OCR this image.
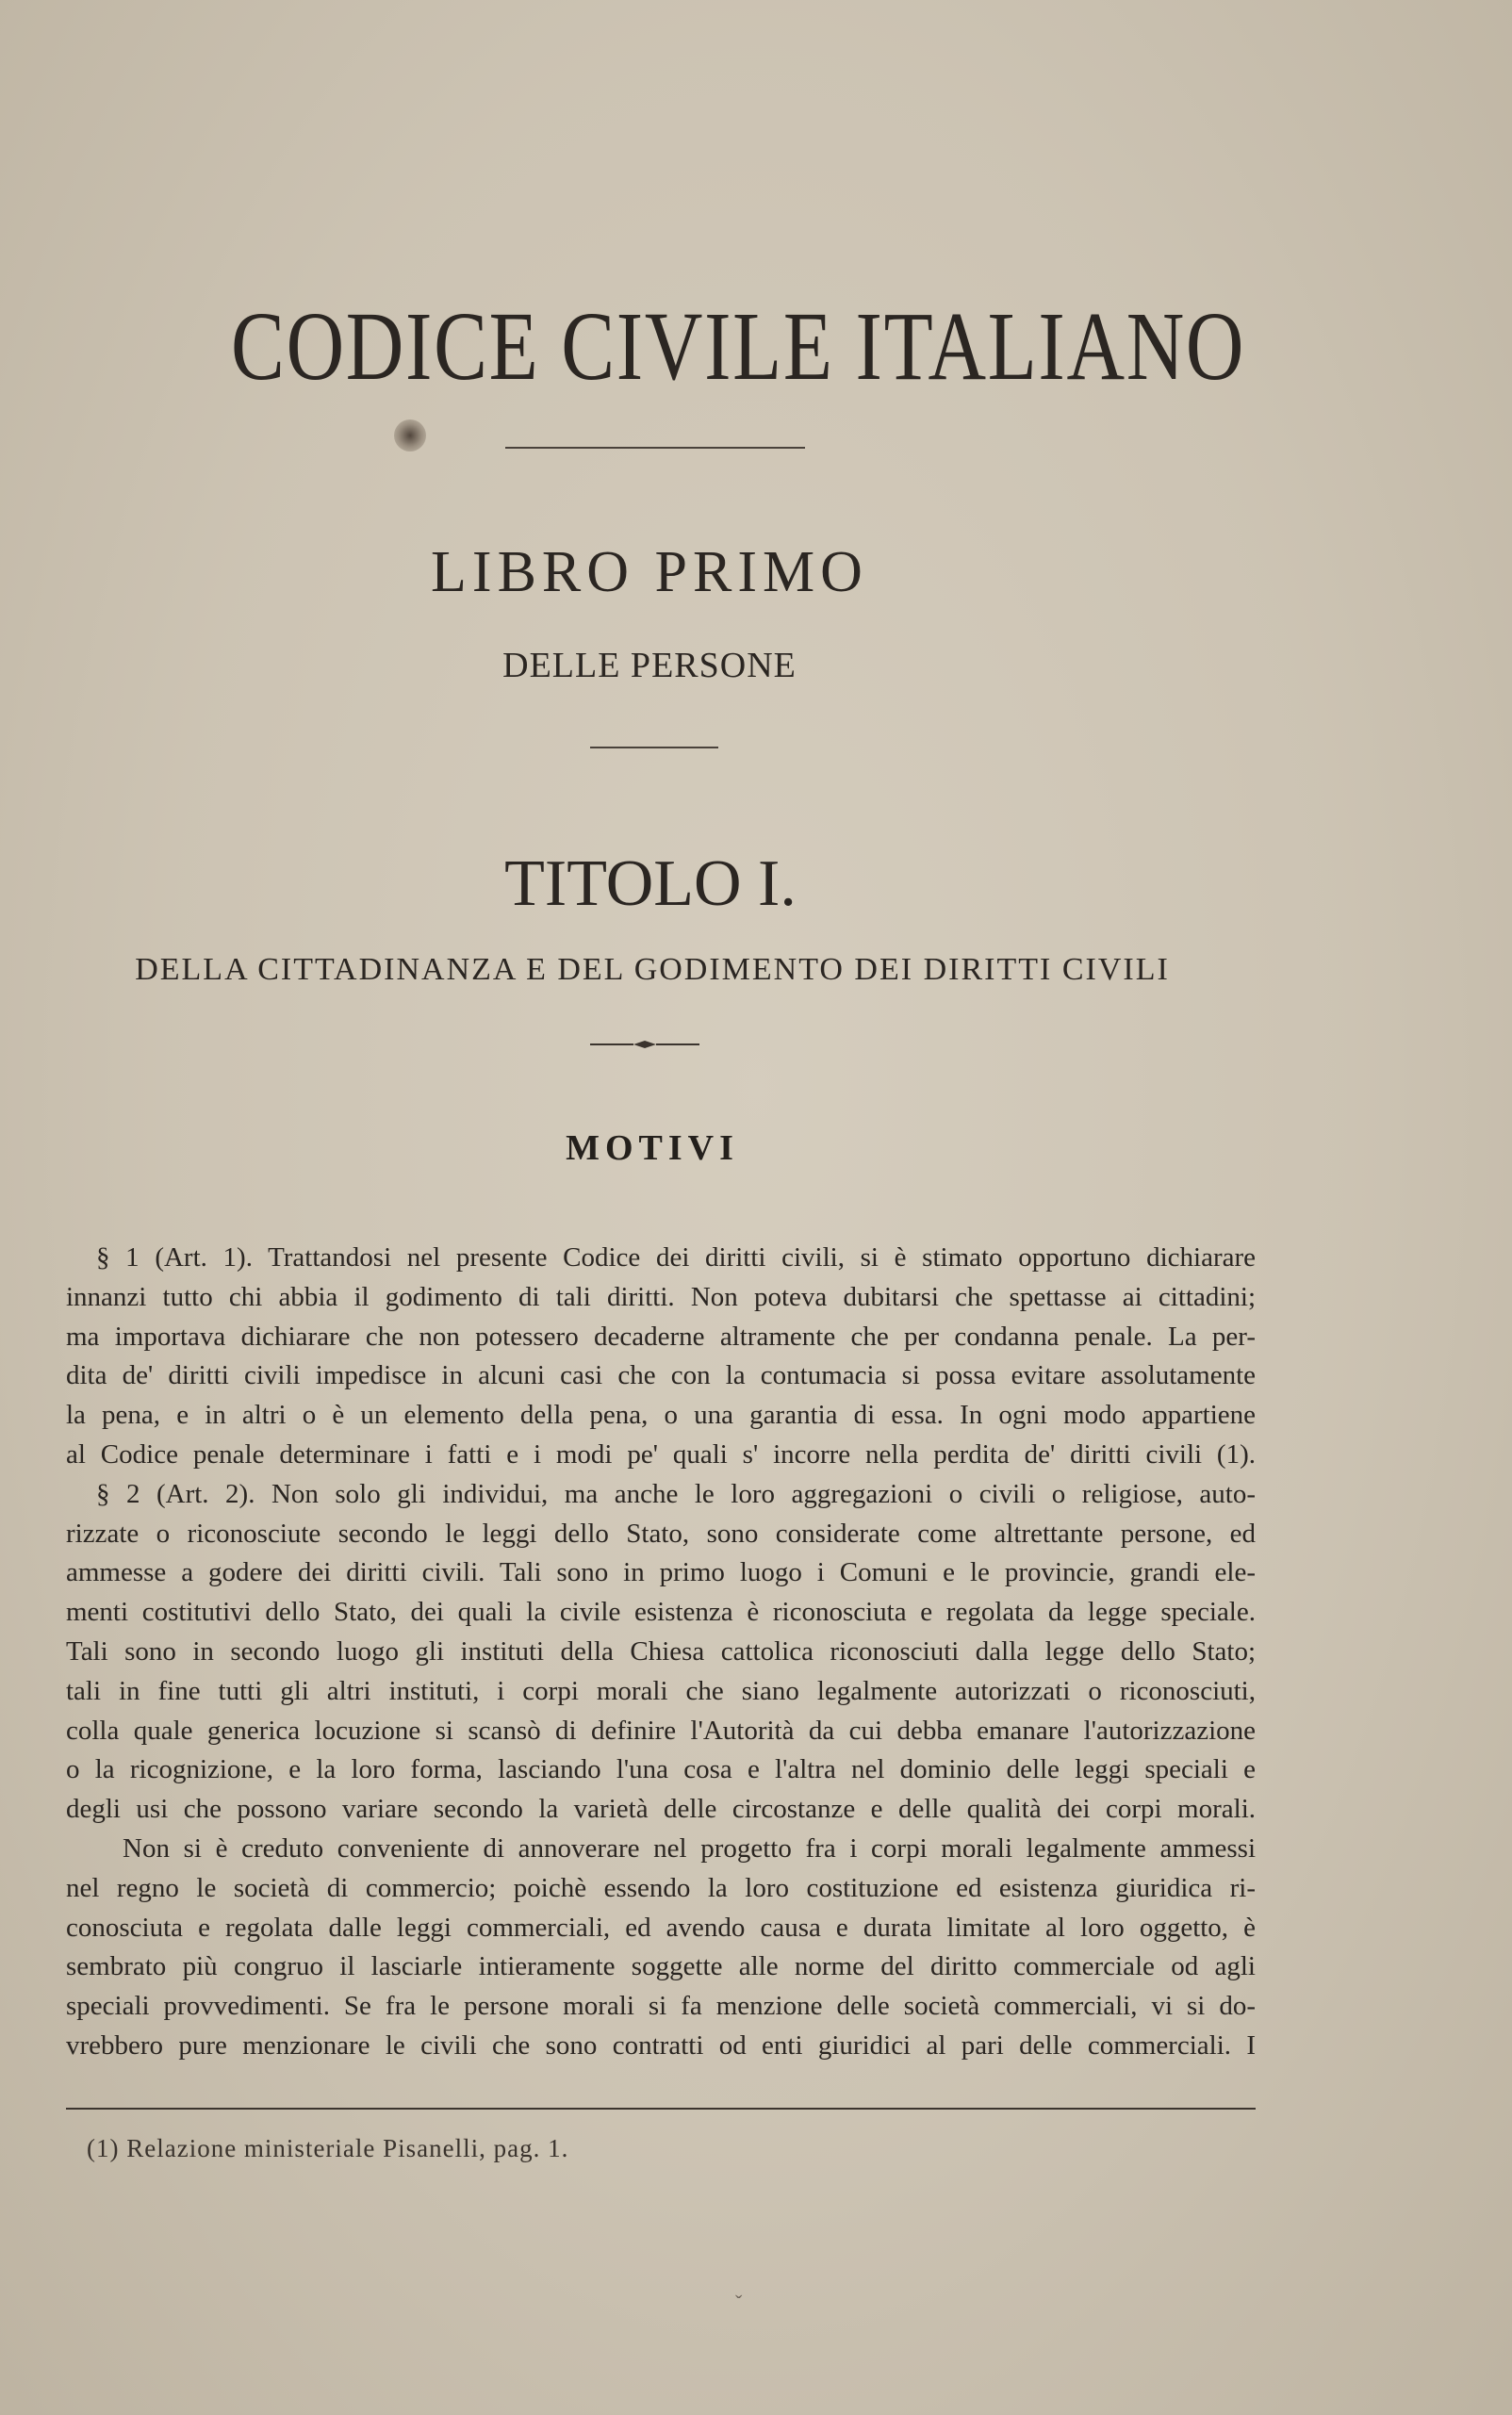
CODICE CIVILE ITALIANO
LIBRO PRIMO
DELLE PERSONE
TITOLO I.
DELLA CITTADINANZA E DEL GODIMENTO DEI DIRITTI CIVILI
MOTIVI
§ 1 (Art. 1). Trattandosi nel presente Codice dei diritti civili, si è stimato opportuno dichiarare
innanzi tutto chi abbia il godimento di tali diritti. Non poteva dubitarsi che spettasse ai cittadini;
ma importava dichiarare che non potessero decaderne altramente che per condanna penale. La per-
dita de' diritti civili impedisce in alcuni casi che con la contumacia si possa evitare assolutamente
la pena, e in altri o è un elemento della pena, o una garantia di essa. In ogni modo appartiene
al Codice penale determinare i fatti e i modi pe' quali s' incorre nella perdita de' diritti civili (1).
§ 2 (Art. 2). Non solo gli individui, ma anche le loro aggregazioni o civili o religiose, auto-
rizzate o riconosciute secondo le leggi dello Stato, sono considerate come altrettante persone, ed
ammesse a godere dei diritti civili. Tali sono in primo luogo i Comuni e le provincie, grandi ele-
menti costitutivi dello Stato, dei quali la civile esistenza è riconosciuta e regolata da legge speciale.
Tali sono in secondo luogo gli instituti della Chiesa cattolica riconosciuti dalla legge dello Stato;
tali in fine tutti gli altri instituti, i corpi morali che siano legalmente autorizzati o riconosciuti,
colla quale generica locuzione si scansò di definire l'Autorità da cui debba emanare l'autorizzazione
o la ricognizione, e la loro forma, lasciando l'una cosa e l'altra nel dominio delle leggi speciali e
degli usi che possono variare secondo la varietà delle circostanze e delle qualità dei corpi morali.
Non si è creduto conveniente di annoverare nel progetto fra i corpi morali legalmente ammessi
nel regno le società di commercio; poichè essendo la loro costituzione ed esistenza giuridica ri-
conosciuta e regolata dalle leggi commerciali, ed avendo causa e durata limitate al loro oggetto, è
sembrato più congruo il lasciarle intieramente soggette alle norme del diritto commerciale od agli
speciali provvedimenti. Se fra le persone morali si fa menzione delle società commerciali, vi si do-
vrebbero pure menzionare le civili che sono contratti od enti giuridici al pari delle commerciali. I
(1) Relazione ministeriale Pisanelli, pag. 1.
ˇ
